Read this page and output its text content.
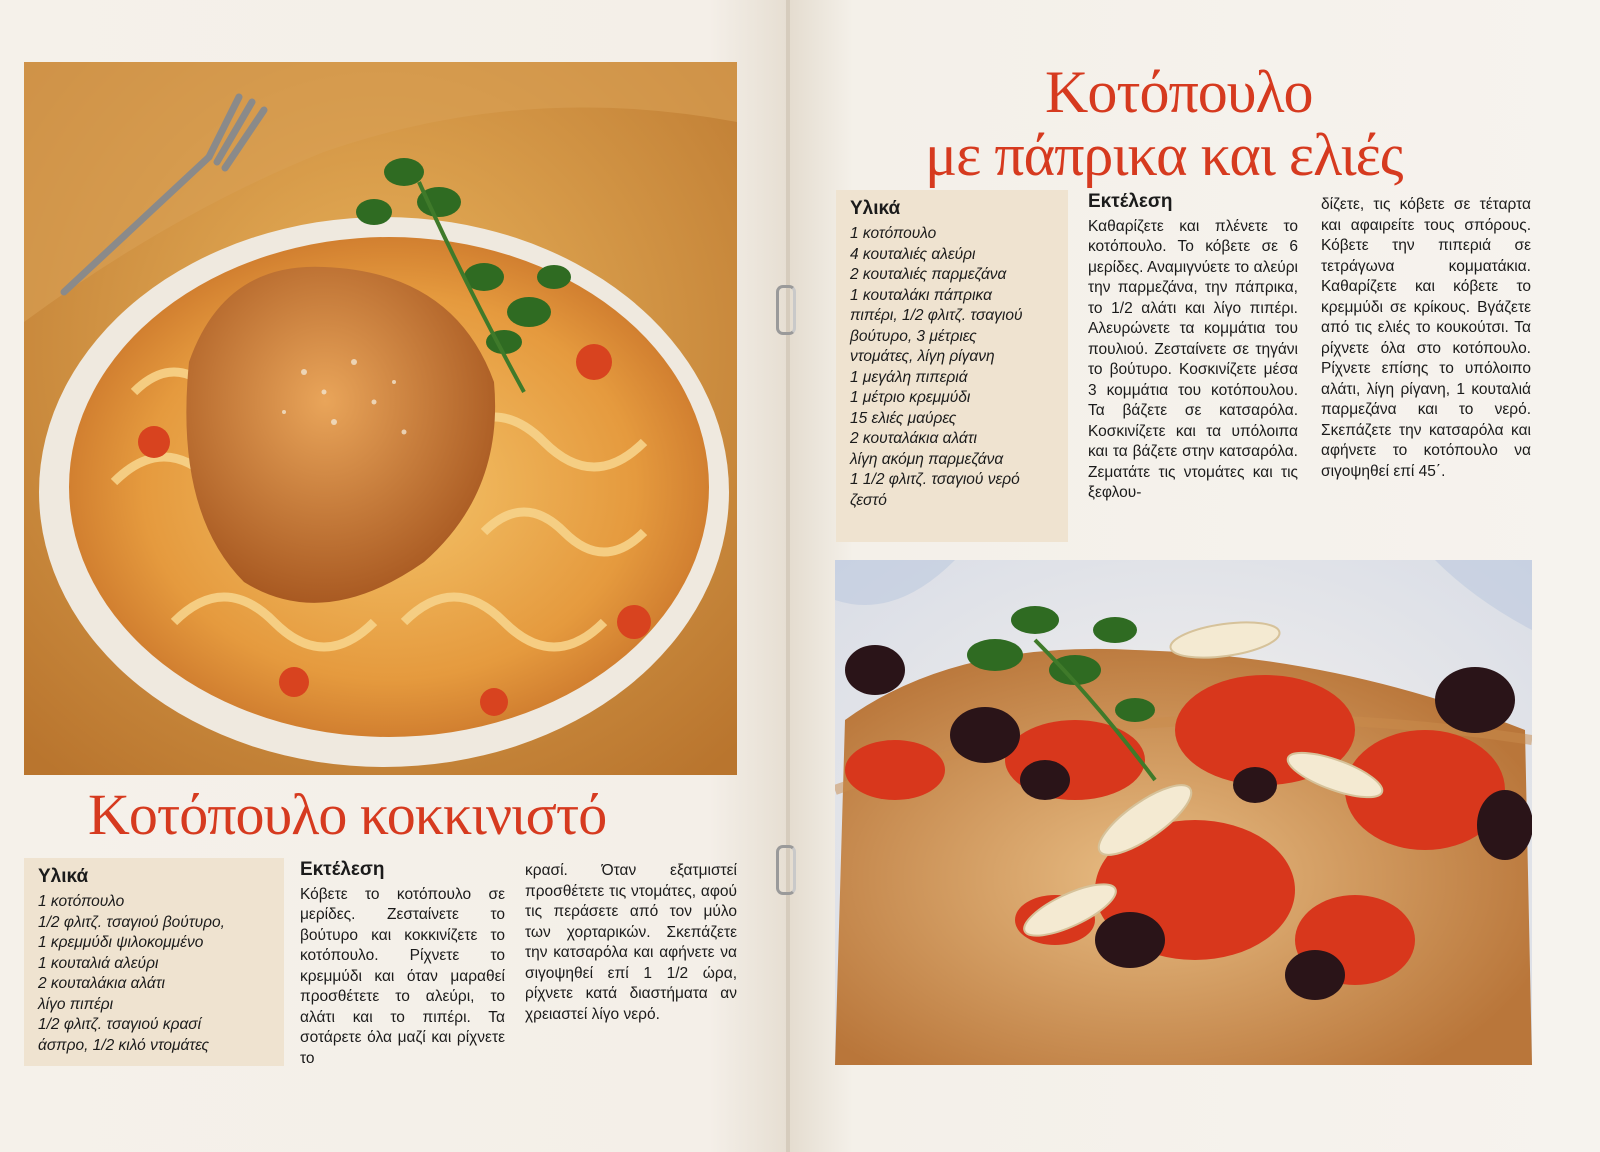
Κοτόπουλο κοκκινιστό
Υλικά
1 κοτόπουλο
1/2 φλιτζ. τσαγιού βούτυρο,
1 κρεμμύδι ψιλοκομμένο
1 κουταλιά αλεύρι
2 κουταλάκια αλάτι
λίγο πιπέρι
1/2 φλιτζ. τσαγιού κρασί
άσπρο, 1/2 κιλό ντομάτες
Εκτέλεση

Κόβετε το κοτόπουλο σε μερίδες. Ζεσταίνετε το βούτυρο και κοκκινίζετε το κοτόπουλο. Ρίχνετε το κρεμμύδι και όταν μαραθεί προσθέτετε το αλεύρι, το αλάτι και το πιπέρι. Τα σοτάρετε όλα μαζί και ρίχνετε το

κρασί. Όταν εξατμιστεί προσθέτετε τις ντομάτες, αφού τις περάσετε από τον μύλο των χορταρικών. Σκεπάζετε την κατσαρόλα και αφήνετε να σιγοψηθεί επί 1 1/2 ώρα, ρίχνετε κατά διαστήματα αν χρειαστεί λίγο νερό.

Κοτόπουλο
με πάπρικα και ελιές
Υλικά
1 κοτόπουλο
4 κουταλιές αλεύρι
2 κουταλιές παρμεζάνα
1 κουταλάκι πάπρικα
πιπέρι, 1/2 φλιτζ. τσαγιού
βούτυρο, 3 μέτριες
ντομάτες, λίγη ρίγανη
1 μεγάλη πιπεριά
1 μέτριο κρεμμύδι
15 ελιές μαύρες
2 κουταλάκια αλάτι
λίγη ακόμη παρμεζάνα
1 1/2 φλιτζ. τσαγιού νερό
ζεστό
Εκτέλεση

Καθαρίζετε και πλένετε το κοτόπουλο. Το κόβετε σε 6 μερίδες. Αναμιγνύετε το αλεύρι την παρμεζάνα, την πάπρικα, το 1/2 αλάτι και λίγο πιπέρι. Αλευρώνετε τα κομμάτια του πουλιού. Ζεσταίνετε σε τηγάνι το βούτυρο. Κοσκινίζετε μέσα 3 κομμάτια του κοτόπουλου. Τα βάζετε σε κατσαρόλα. Κοσκινίζετε και τα υπόλοιπα και τα βάζετε στην κατσαρόλα. Ζεματάτε τις ντομάτες και τις ξεφλου-

δίζετε, τις κόβετε σε τέταρτα και αφαιρείτε τους σπόρους. Κόβετε την πιπεριά σε τετράγωνα κομματάκια. Καθαρίζετε και κόβετε το κρεμμύδι σε κρίκους. Βγάζετε από τις ελιές το κουκούτσι. Τα ρίχνετε όλα στο κοτόπουλο. Ρίχνετε επίσης το υπόλοιπο αλάτι, λίγη ρίγανη, 1 κουταλιά παρμεζάνα και το νερό. Σκεπάζετε την κατσαρόλα και αφήνετε το κοτόπουλο να σιγοψηθεί επί 45΄.
